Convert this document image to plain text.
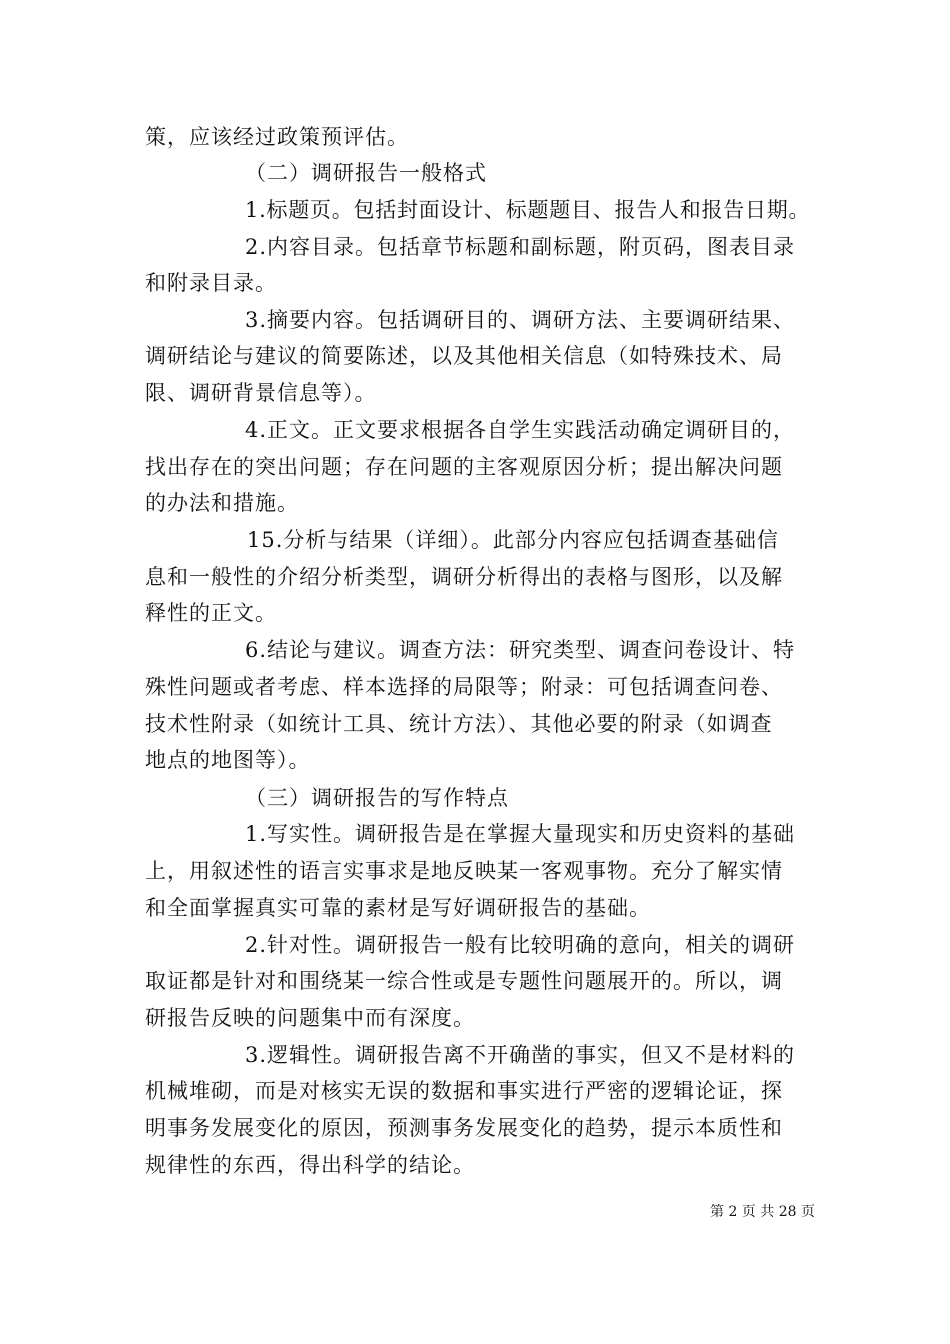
策，应该经过政策预评估。
（二）调研报告一般格式
1.标题页。包括封面设计、标题题目、报告人和报告日期。
2.内容目录。包括章节标题和副标题，附页码，图表目录
和附录目录。
3.摘要内容。包括调研目的、调研方法、主要调研结果、
调研结论与建议的简要陈述，以及其他相关信息（如特殊技术、局
限、调研背景信息等）。
4.正文。正文要求根据各自学生实践活动确定调研目的，
找出存在的突出问题；存在问题的主客观原因分析；提出解决问题
的办法和措施。
15.分析与结果（详细）。此部分内容应包括调查基础信
息和一般性的介绍分析类型，调研分析得出的表格与图形，以及解
释性的正文。
6.结论与建议。调查方法：研究类型、调查问卷设计、特
殊性问题或者考虑、样本选择的局限等；附录：可包括调查问卷、
技术性附录（如统计工具、统计方法）、其他必要的附录（如调查
地点的地图等）。
（三）调研报告的写作特点
1.写实性。调研报告是在掌握大量现实和历史资料的基础
上，用叙述性的语言实事求是地反映某一客观事物。充分了解实情
和全面掌握真实可靠的素材是写好调研报告的基础。
2.针对性。调研报告一般有比较明确的意向，相关的调研
取证都是针对和围绕某一综合性或是专题性问题展开的。所以，调
研报告反映的问题集中而有深度。
3.逻辑性。调研报告离不开确凿的事实，但又不是材料的
机械堆砌，而是对核实无误的数据和事实进行严密的逻辑论证，探
明事务发展变化的原因，预测事务发展变化的趋势，提示本质性和
规律性的东西，得出科学的结论。
第 2 页 共 28 页
